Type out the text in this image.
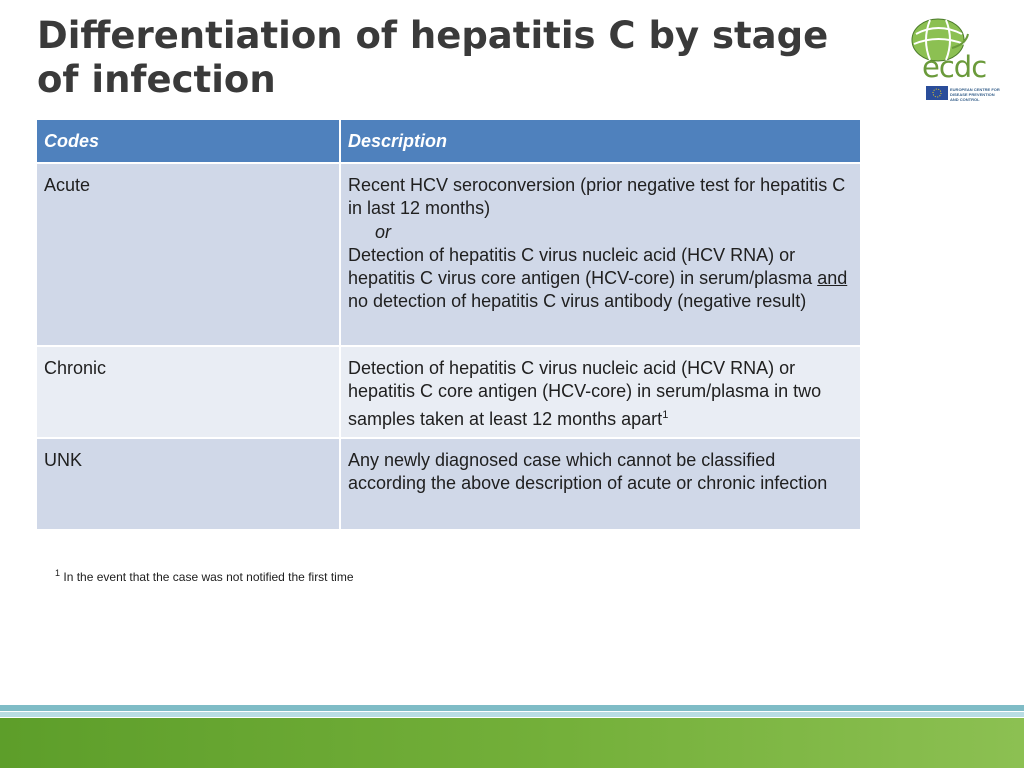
Differentiation of hepatitis C by stage of infection	ecdc
EUROPEAN CENTRE FOR
DISEASE PREVENTION
AND CONTROL
Codes	Description
Acute	Recent HCV seroconversion (prior negative test for hepatitis C in last 12 months)
or
Detection of hepatitis C virus nucleic acid (HCV RNA) or hepatitis C virus core antigen (HCV-core) in serum/plasma and no detection of hepatitis C virus antibody (negative result)
Chronic	Detection of hepatitis C virus nucleic acid (HCV RNA) or hepatitis C core antigen (HCV-core) in serum/plasma in two samples taken at least 12 months apart$^1$
UNK	Any newly diagnosed case which cannot be classified according the above description of acute or chronic infection
$^1$ In the event that the case was not notified the first time
